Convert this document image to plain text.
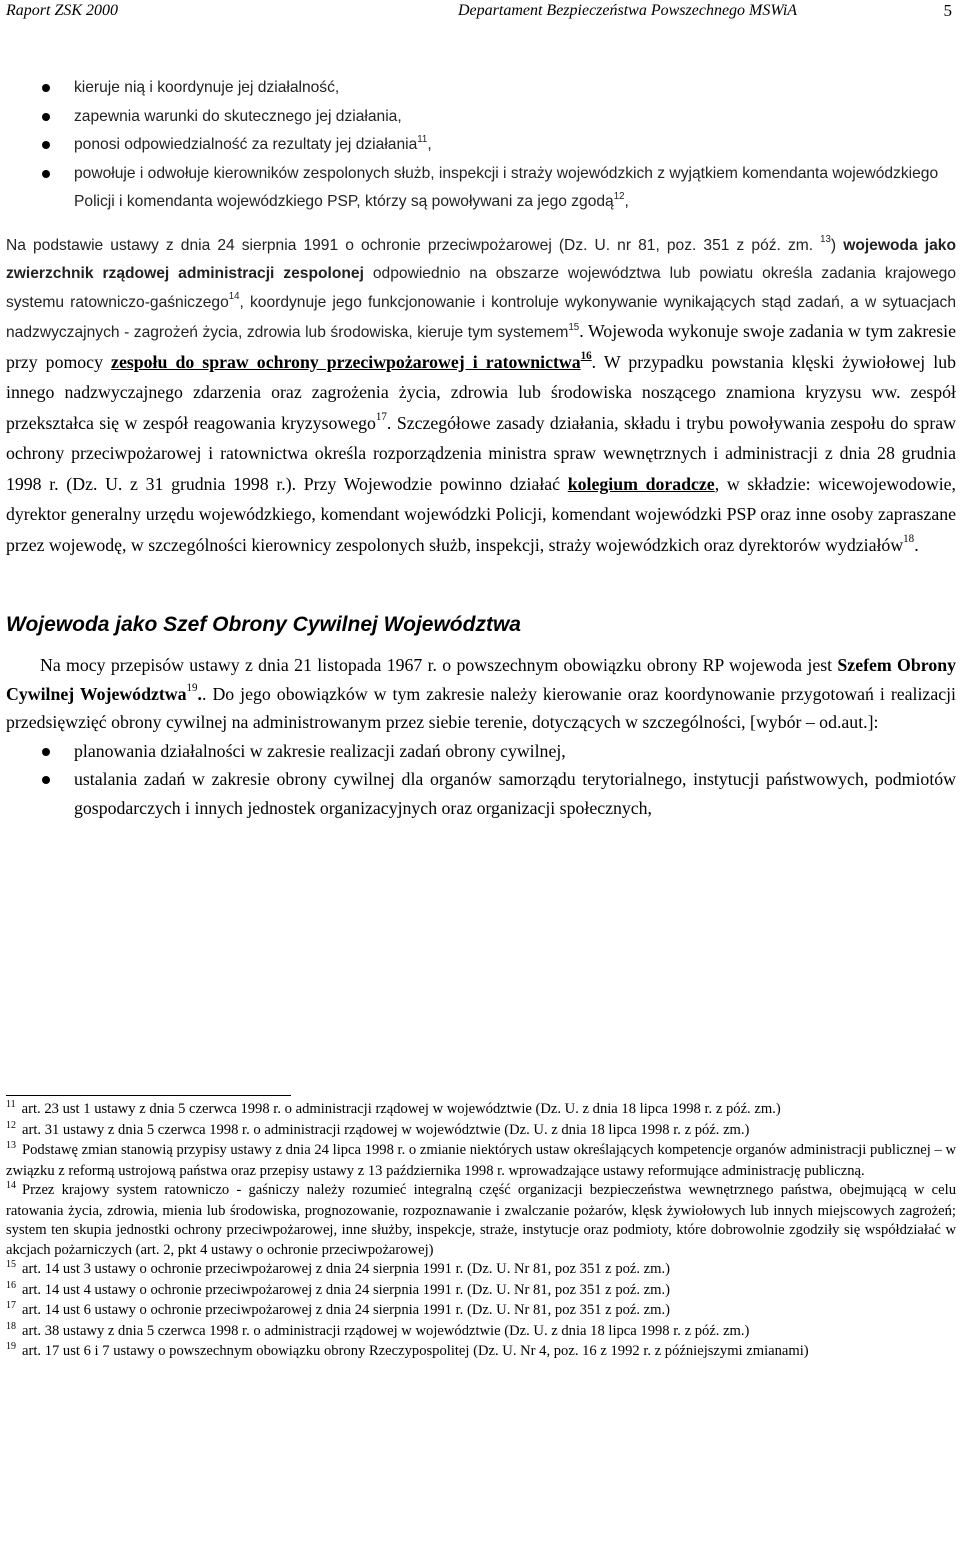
Raport ZSK 2000	Departament Bezpieczeństwa Powszechnego MSWiA	5
kieruje nią i koordynuje jej działalność,
zapewnia warunki do skutecznego jej działania,
ponosi odpowiedzialność za rezultaty jej działania$^{11}$,
powołuje i odwołuje kierowników zespolonych służb, inspekcji i straży wojewódzkich z wyjątkiem komendanta wojewódzkiego Policji i komendanta wojewódzkiego PSP, którzy są powoływani za jego zgodą$^{12}$,
Na podstawie ustawy z dnia 24 sierpnia 1991 o ochronie przeciwpożarowej (Dz. U. nr 81, poz. 351 z póź. zm. $^{13}$) wojewoda jako zwierzchnik rządowej administracji zespolonej odpowiednio na obszarze województwa lub powiatu określa zadania krajowego systemu ratowniczo-gaśniczego$^{14}$, koordynuje jego funkcjonowanie i kontroluje wykonywanie wynikających stąd zadań, a w sytuacjach nadzwyczajnych - zagrożeń życia, zdrowia lub środowiska, kieruje tym systemem$^{15}$. Wojewoda wykonuje swoje zadania w tym zakresie przy pomocy zespołu do spraw ochrony przeciwpożarowej i ratownictwa$^{16}$. W przypadku powstania klęski żywiołowej lub innego nadzwyczajnego zdarzenia oraz zagrożenia życia, zdrowia lub środowiska noszącego znamiona kryzysu ww. zespół przekształca się w zespół reagowania kryzysowego$^{17}$. Szczegółowe zasady działania, składu i trybu powoływania zespołu do spraw ochrony przeciwpożarowej i ratownictwa określa rozporządzenia ministra spraw wewnętrznych i administracji z dnia 28 grudnia 1998 r. (Dz. U. z 31 grudnia 1998 r.). Przy Wojewodzie powinno działać kolegium doradcze, w składzie: wicewojewodowie, dyrektor generalny urzędu wojewódzkiego, komendant wojewódzki Policji, komendant wojewódzki PSP oraz inne osoby zapraszane przez wojewodę, w szczególności kierownicy zespolonych służb, inspekcji, straży wojewódzkich oraz dyrektorów wydziałów$^{18}$.
Wojewoda jako Szef Obrony Cywilnej Województwa
Na mocy przepisów ustawy z dnia 21 listopada 1967 r. o powszechnym obowiązku obrony RP wojewoda jest Szefem Obrony Cywilnej Województwa$^{19}$.. Do jego obowiązków w tym zakresie należy kierowanie oraz koordynowanie przygotowań i realizacji przedsięwzięć obrony cywilnej na administrowanym przez siebie terenie, dotyczących w szczególności, [wybór – od.aut.]:
planowania działalności w zakresie realizacji zadań obrony cywilnej,
ustalania zadań w zakresie obrony cywilnej dla organów samorządu terytorialnego, instytucji państwowych, podmiotów gospodarczych i innych jednostek organizacyjnych oraz organizacji społecznych,

$^{11}$ art. 23 ust 1 ustawy z dnia 5 czerwca 1998 r. o administracji rządowej w województwie (Dz. U. z dnia 18 lipca 1998 r. z póź. zm.)

$^{12}$ art. 31 ustawy z dnia 5 czerwca 1998 r. o administracji rządowej w województwie (Dz. U. z dnia 18 lipca 1998 r. z póź. zm.)

$^{13}$ Podstawę zmian stanowią przypisy ustawy z dnia 24 lipca 1998 r. o zmianie niektórych ustaw określających kompetencje organów administracji publicznej – w związku z reformą ustrojową państwa oraz przepisy ustawy z 13 października 1998 r. wprowadzające ustawy reformujące administrację publiczną.

$^{14}$ Przez krajowy system ratowniczo - gaśniczy należy rozumieć integralną część organizacji bezpieczeństwa wewnętrznego państwa, obejmującą w celu ratowania życia, zdrowia, mienia lub środowiska, prognozowanie, rozpoznawanie i zwalczanie pożarów, klęsk żywiołowych lub innych miejscowych zagrożeń; system ten skupia jednostki ochrony przeciwpożarowej, inne służby, inspekcje, straże, instytucje oraz podmioty, które dobrowolnie zgodziły się współdziałać w akcjach pożarniczych (art. 2, pkt 4 ustawy o ochronie przeciwpożarowej)

$^{15}$ art. 14 ust 3 ustawy o ochronie przeciwpożarowej z dnia 24 sierpnia 1991 r. (Dz. U. Nr 81, poz 351 z poź. zm.)

$^{16}$ art. 14 ust 4 ustawy o ochronie przeciwpożarowej z dnia 24 sierpnia 1991 r. (Dz. U. Nr 81, poz 351 z poź. zm.)

$^{17}$ art. 14 ust 6 ustawy o ochronie przeciwpożarowej z dnia 24 sierpnia 1991 r. (Dz. U. Nr 81, poz 351 z poź. zm.)

$^{18}$ art. 38 ustawy z dnia 5 czerwca 1998 r. o administracji rządowej w województwie (Dz. U. z dnia 18 lipca 1998 r. z póź. zm.)

$^{19}$ art. 17 ust 6 i 7 ustawy o powszechnym obowiązku obrony Rzeczypospolitej (Dz. U. Nr 4, poz. 16 z 1992 r. z późniejszymi zmianami)
